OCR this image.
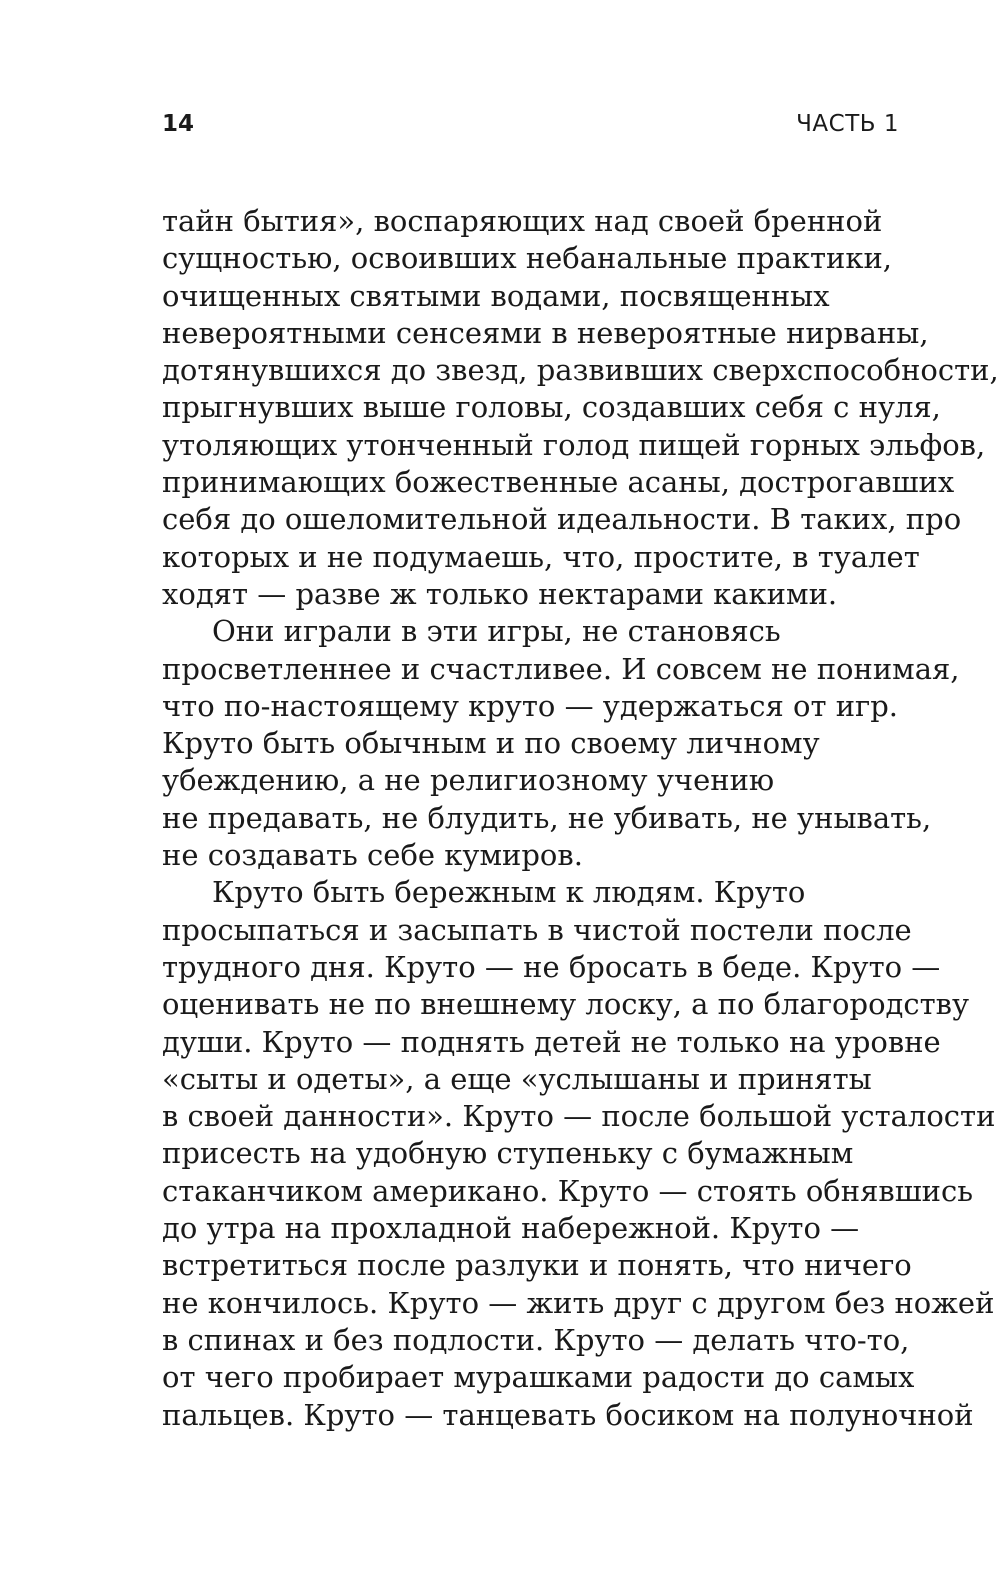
14	ЧАСТЬ 1
тайн бытия», воспаряющих над своей бренной
сущностью, освоивших небанальные практики,
очищенных святыми водами, посвященных
невероятными сенсеями в невероятные нирваны,
дотянувшихся до звезд, развивших сверхспособности,
прыгнувших выше головы, создавших себя с нуля,
утоляющих утонченный голод пищей горных эльфов,
принимающих божественные асаны, дострогавших
себя до ошеломительной идеальности. В таких, про
которых и не подумаешь, что, простите, в туалет
ходят — разве ж только нектарами какими.
Они играли в эти игры, не становясь
просветленнее и счастливее. И совсем не понимая,
что по-настоящему круто — удержаться от игр.
Круто быть обычным и по своему личному
убеждению, а не религиозному учению
не предавать, не блудить, не убивать, не унывать,
не создавать себе кумиров.
Круто быть бережным к людям. Круто
просыпаться и засыпать в чистой постели после
трудного дня. Круто — не бросать в беде. Круто —
оценивать не по внешнему лоску, а по благородству
души. Круто — поднять детей не только на уровне
«сыты и одеты», а еще «услышаны и приняты
в своей данности». Круто — после большой усталости
присесть на удобную ступеньку с бумажным
стаканчиком американо. Круто — стоять обнявшись
до утра на прохладной набережной. Круто —
встретиться после разлуки и понять, что ничего
не кончилось. Круто — жить друг с другом без ножей
в спинах и без подлости. Круто — делать что-то,
от чего пробирает мурашками радости до самых
пальцев. Круто — танцевать босиком на полуночной
